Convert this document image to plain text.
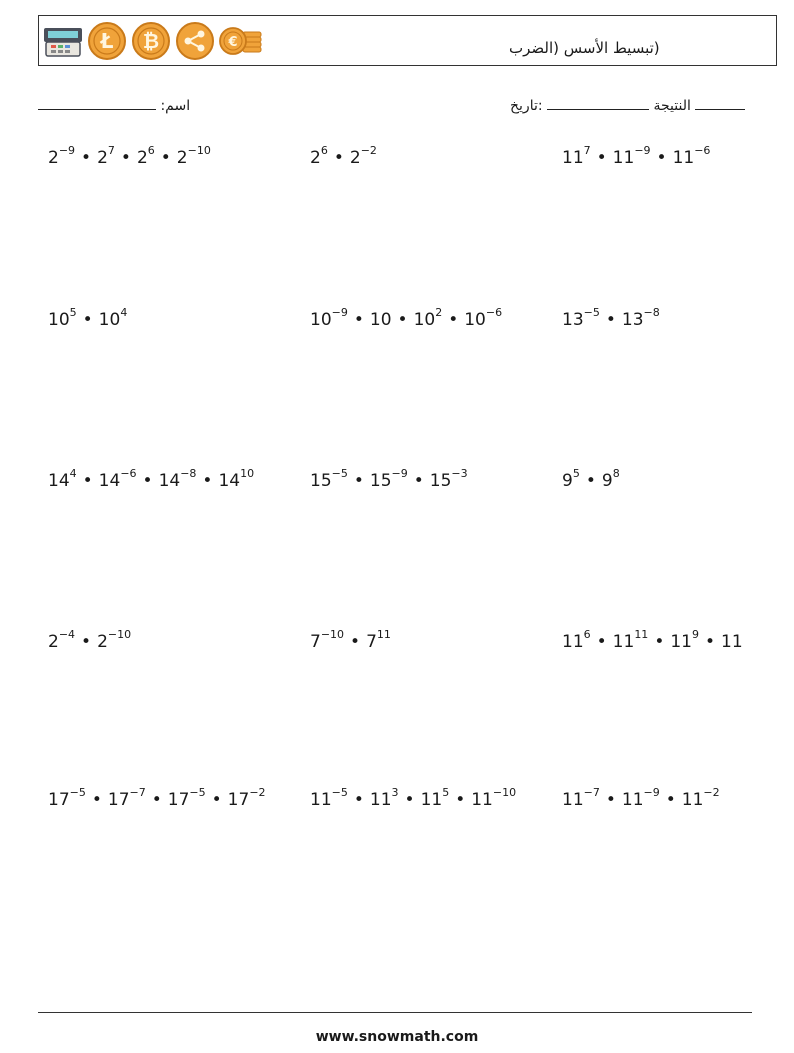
Ł ₿	€	(تبسيط الأسس (الضرب
:اسم	النتيجة  :تاريخ
$2^{-9}$ • $2^7$ • $2^6$ • $2^{-10}$	$2^6$ • $2^{-2}$	$11^7$ • $11^{-9}$ • $11^{-6}$
$10^5$ • $10^4$	$10^{-9}$ • 10 • $10^2$ • $10^{-6}$	$13^{-5}$ • $13^{-8}$
$14^4$ • $14^{-6}$ • $14^{-8}$ • $14^{10}$	$15^{-5}$ • $15^{-9}$ • $15^{-3}$	$9^5$ • $9^8$
$2^{-4}$ • $2^{-10}$	$7^{-10}$ • $7^{11}$	$11^6$ • $11^{11}$ • $11^9$ • 11
$17^{-5}$ • $17^{-7}$ • $17^{-5}$ • $17^{-2}$	$11^{-5}$ • $11^3$ • $11^5$ • $11^{-10}$	$11^{-7}$ • $11^{-9}$ • $11^{-2}$
www.snowmath.com
